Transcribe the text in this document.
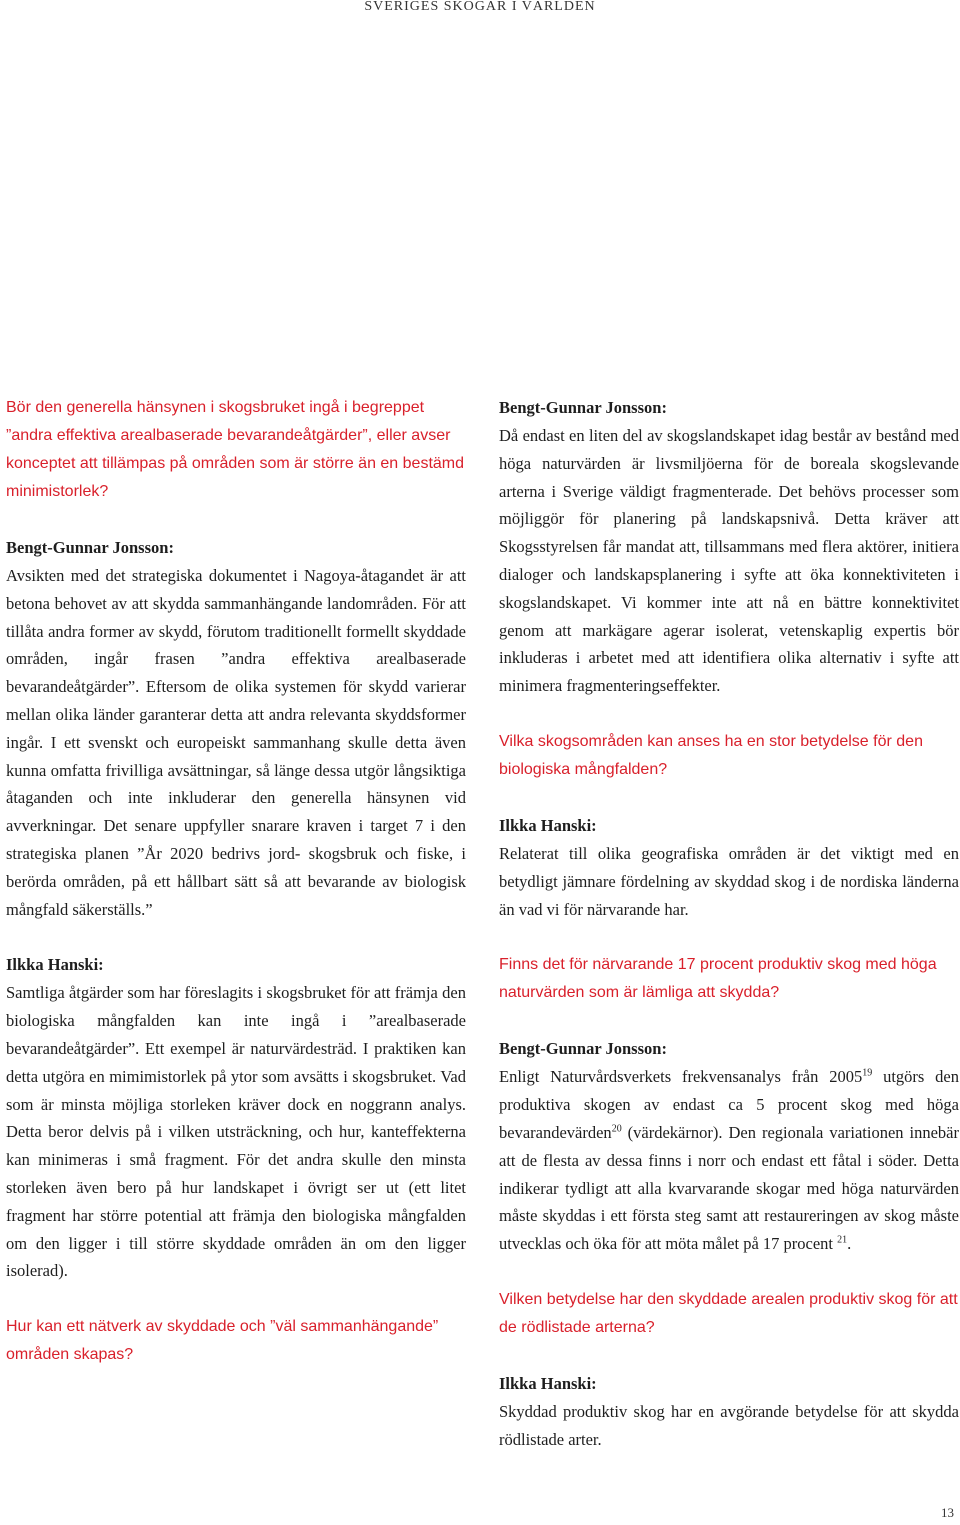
SVERIGES SKOGAR I VÄRLDEN

Bör den generella hänsynen i skogsbruket ingå i begreppet ”andra effektiva arealbaserade bevarandeåtgärder”, eller avser konceptet att tillämpas på områden som är större än en bestämd minimistorlek?

Bengt-Gunnar Jonsson:

Avsikten med det strategiska dokumentet i Nagoya-åtagandet är att betona behovet av att skydda sammanhängande landområden. För att tillåta andra former av skydd, förutom traditionellt formellt skyddade områden, ingår frasen ”andra effektiva arealbaserade bevarandeåtgärder”. Eftersom de olika systemen för skydd varierar mellan olika länder garanterar detta att andra relevanta skyddsformer ingår. I ett svenskt och europeiskt sammanhang skulle detta även kunna omfatta frivilliga avsättningar, så länge dessa utgör långsiktiga åtaganden och inte inkluderar den generella hänsynen vid avverkningar. Det senare uppfyller snarare kraven i target 7 i den strategiska planen ”År 2020 bedrivs jord- skogsbruk och fiske, i berörda områden, på ett hållbart sätt så att bevarande av biologisk mångfald säkerställs.”

Ilkka Hanski:

Samtliga åtgärder som har föreslagits i skogsbruket för att främja den biologiska mångfalden kan inte ingå i ”arealbaserade bevarandeåtgärder”. Ett exempel är naturvärdesträd. I praktiken kan detta utgöra en mimimistorlek på ytor som avsätts i skogsbruket. Vad som är minsta möjliga storleken kräver dock en noggrann analys. Detta beror delvis på i vilken utsträckning, och hur, kanteffekterna kan minimeras i små fragment. För det andra skulle den minsta storleken även bero på hur landskapet i övrigt ser ut (ett litet fragment har större potential att främja den biologiska mångfalden om den ligger i till större skyddade områden än om den ligger isolerad).

Hur kan ett nätverk av skyddade och ”väl sammanhängande” områden skapas?

Bengt-Gunnar Jonsson:

Då endast en liten del av skogslandskapet idag består av bestånd med höga naturvärden är livsmiljöerna för de boreala skogslevande arterna i Sverige väldigt fragmenterade. Det behövs processer som möjliggör för planering på landskapsnivå. Detta kräver att Skogsstyrelsen får mandat att, tillsammans med flera aktörer, initiera dialoger och landskapsplanering i syfte att öka konnektiviteten i skogslandskapet. Vi kommer inte att nå en bättre konnektivitet genom att markägare agerar isolerat, vetenskaplig expertis bör inkluderas i arbetet med att identifiera olika alternativ i syfte att minimera fragmenteringseffekter.

Vilka skogsområden kan anses ha en stor betydelse för den biologiska mångfalden?

Ilkka Hanski:

Relaterat till olika geografiska områden är det viktigt med en betydligt jämnare fördelning av skyddad skog i de nordiska länderna än vad vi för närvarande har.

Finns det för närvarande 17 procent produktiv skog med höga naturvärden som är lämliga att skydda?

Bengt-Gunnar Jonsson:

Enligt Naturvårdsverkets frekvensanalys från 2005$^{19}$ utgörs den produktiva skogen av endast ca 5 procent skog med höga bevarandevärden$^{20}$ (värdekärnor). Den regionala variationen innebär att de flesta av dessa finns i norr och endast ett fåtal i söder. Detta indikerar tydligt att alla kvarvarande skogar med höga naturvärden måste skyddas i ett första steg samt att restaureringen av skog måste utvecklas och öka för att möta målet på 17 procent $^{21}$.

Vilken betydelse har den skyddade arealen produktiv skog för att de rödlistade arterna?

Ilkka Hanski:

Skyddad produktiv skog har en avgörande betydelse för att skydda rödlistade arter.

13
